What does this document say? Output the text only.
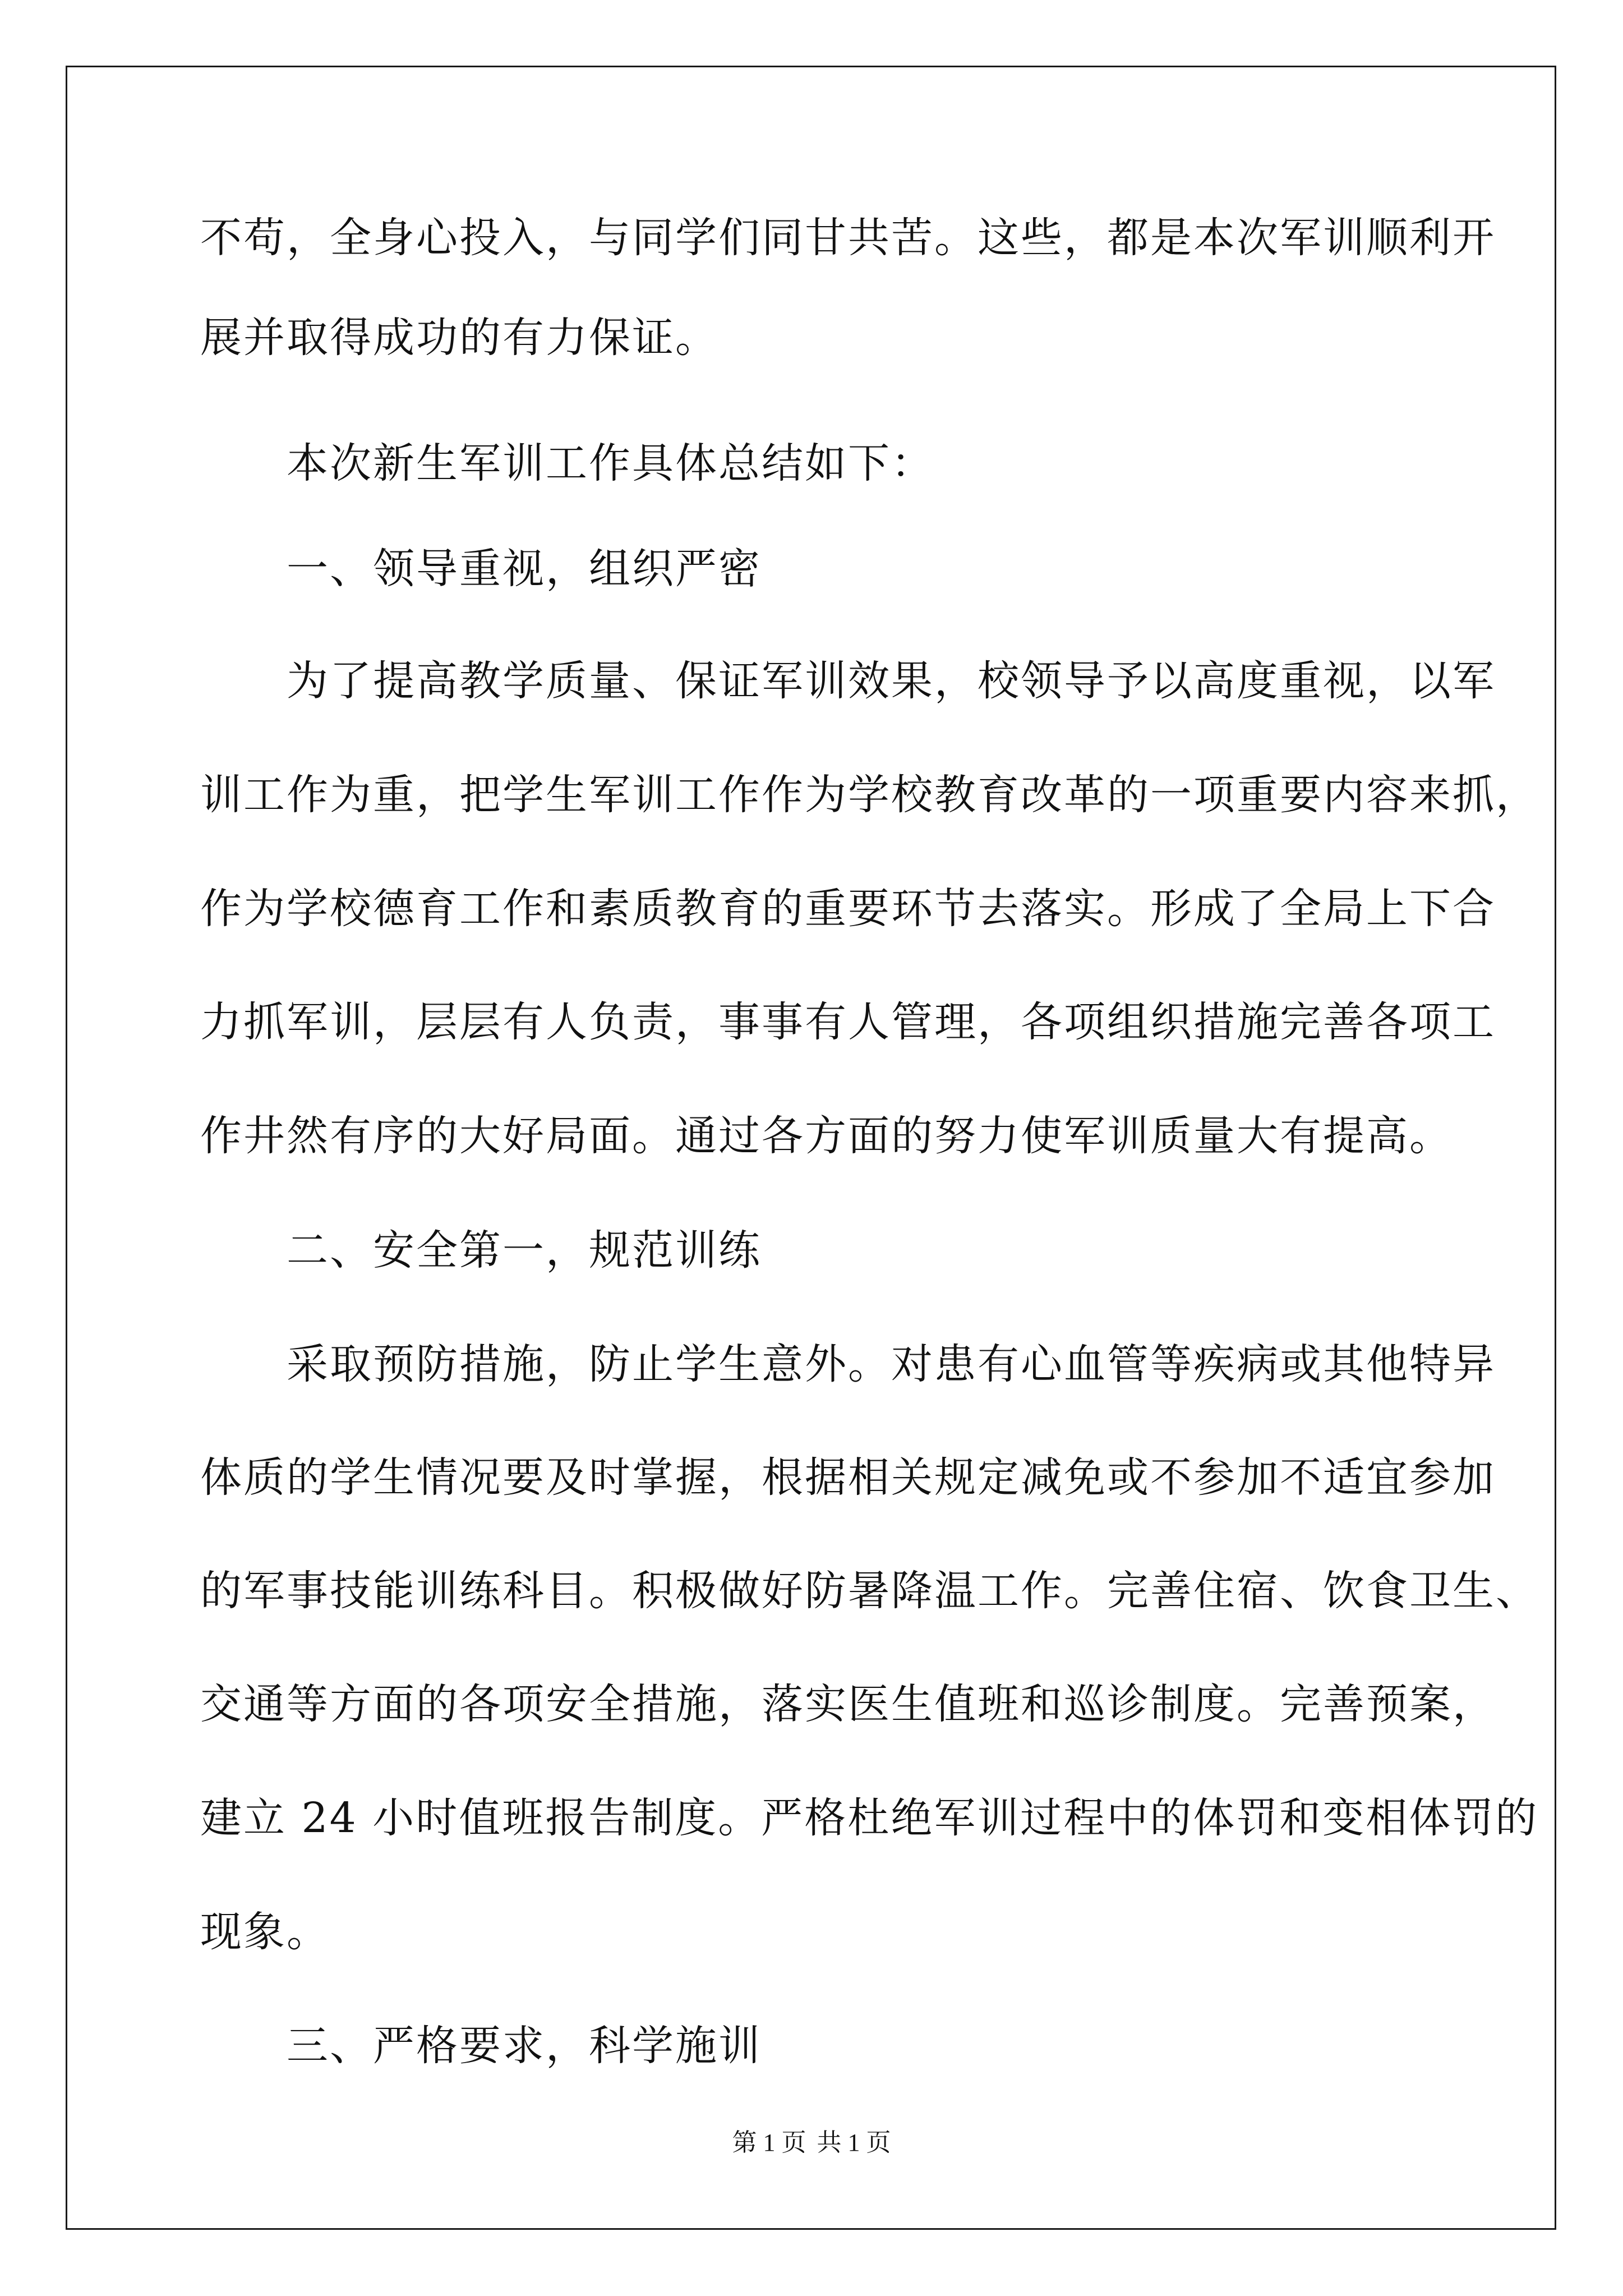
不苟，全身心投入，与同学们同甘共苦。这些，都是本次军训顺利开
展并取得成功的有力保证。
　　本次新生军训工作具体总结如下：
　　一、领导重视，组织严密
　　为了提高教学质量、保证军训效果，校领导予以高度重视，以军
训工作为重，把学生军训工作作为学校教育改革的一项重要内容来抓，
作为学校德育工作和素质教育的重要环节去落实。形成了全局上下合
力抓军训，层层有人负责，事事有人管理，各项组织措施完善各项工
作井然有序的大好局面。通过各方面的努力使军训质量大有提高。
　　二、安全第一，规范训练
　　采取预防措施，防止学生意外。对患有心血管等疾病或其他特异
体质的学生情况要及时掌握，根据相关规定减免或不参加不适宜参加
的军事技能训练科目。积极做好防暑降温工作。完善住宿、饮食卫生、
交通等方面的各项安全措施，落实医生值班和巡诊制度。完善预案，
建立 24 小时值班报告制度。严格杜绝军训过程中的体罚和变相体罚的
现象。
　　三、严格要求，科学施训
第 1 页 共 1 页
